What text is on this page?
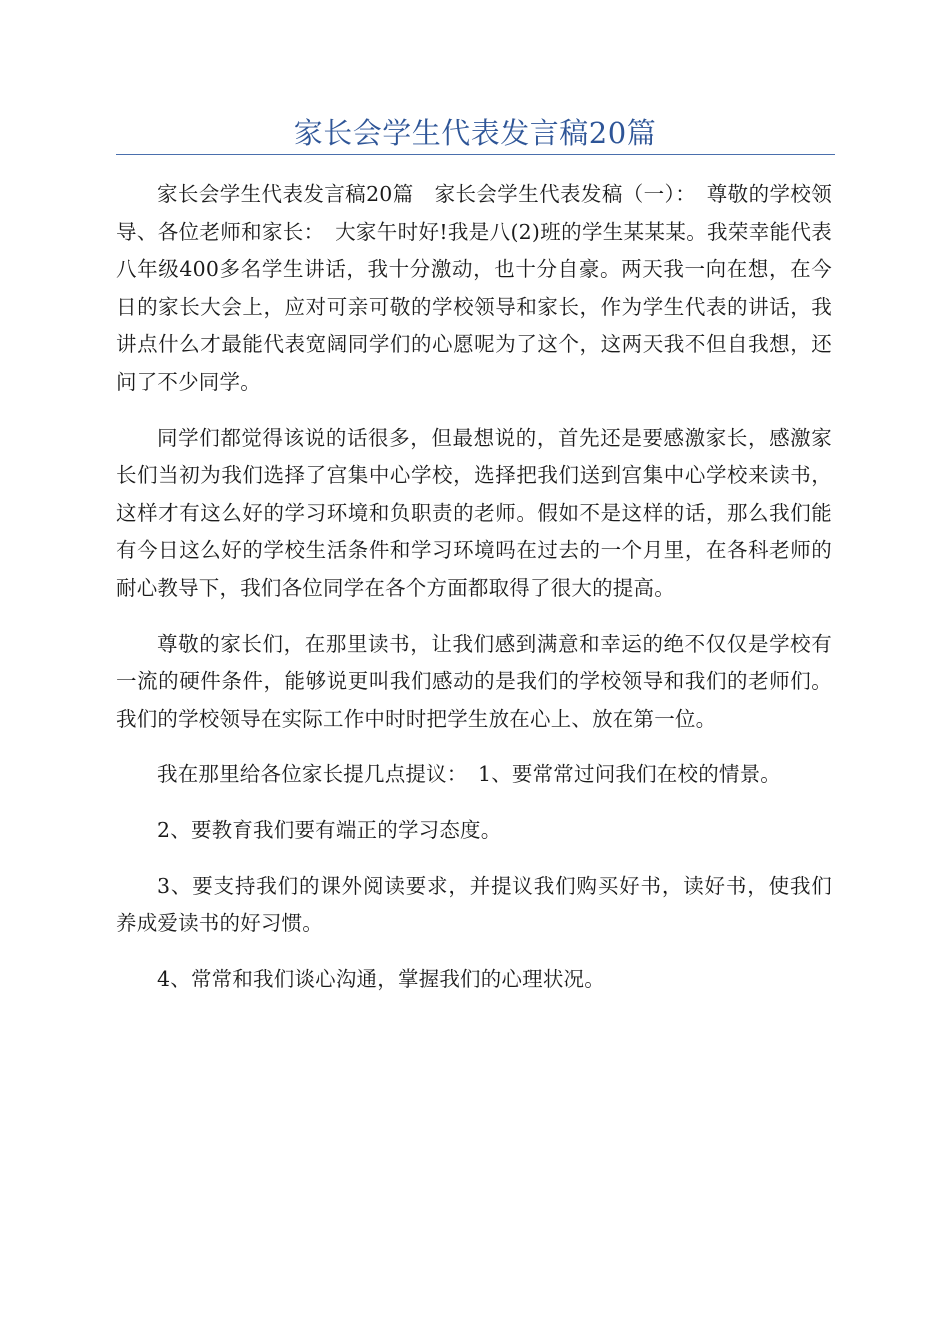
家长会学生代表发言稿20篇

家长会学生代表发言稿20篇　家长会学生代表发稿（一）：　尊敬的学校领导、各位老师和家长：　大家午时好!我是八(2)班的学生某某某。我荣幸能代表八年级400多名学生讲话，我十分激动，也十分自豪。两天我一向在想，在今日的家长大会上，应对可亲可敬的学校领导和家长，作为学生代表的讲话，我讲点什么才最能代表宽阔同学们的心愿呢为了这个，这两天我不但自我想，还问了不少同学。

同学们都觉得该说的话很多，但最想说的，首先还是要感激家长，感激家长们当初为我们选择了宫集中心学校，选择把我们送到宫集中心学校来读书，这样才有这么好的学习环境和负职责的老师。假如不是这样的话，那么我们能有今日这么好的学校生活条件和学习环境吗在过去的一个月里，在各科老师的耐心教导下，我们各位同学在各个方面都取得了很大的提高。

尊敬的家长们，在那里读书，让我们感到满意和幸运的绝不仅仅是学校有一流的硬件条件，能够说更叫我们感动的是我们的学校领导和我们的老师们。我们的学校领导在实际工作中时时把学生放在心上、放在第一位。

我在那里给各位家长提几点提议：　1、要常常过问我们在校的情景。

2、要教育我们要有端正的学习态度。

3、要支持我们的课外阅读要求，并提议我们购买好书，读好书，使我们养成爱读书的好习惯。

4、常常和我们谈心沟通，掌握我们的心理状况。
